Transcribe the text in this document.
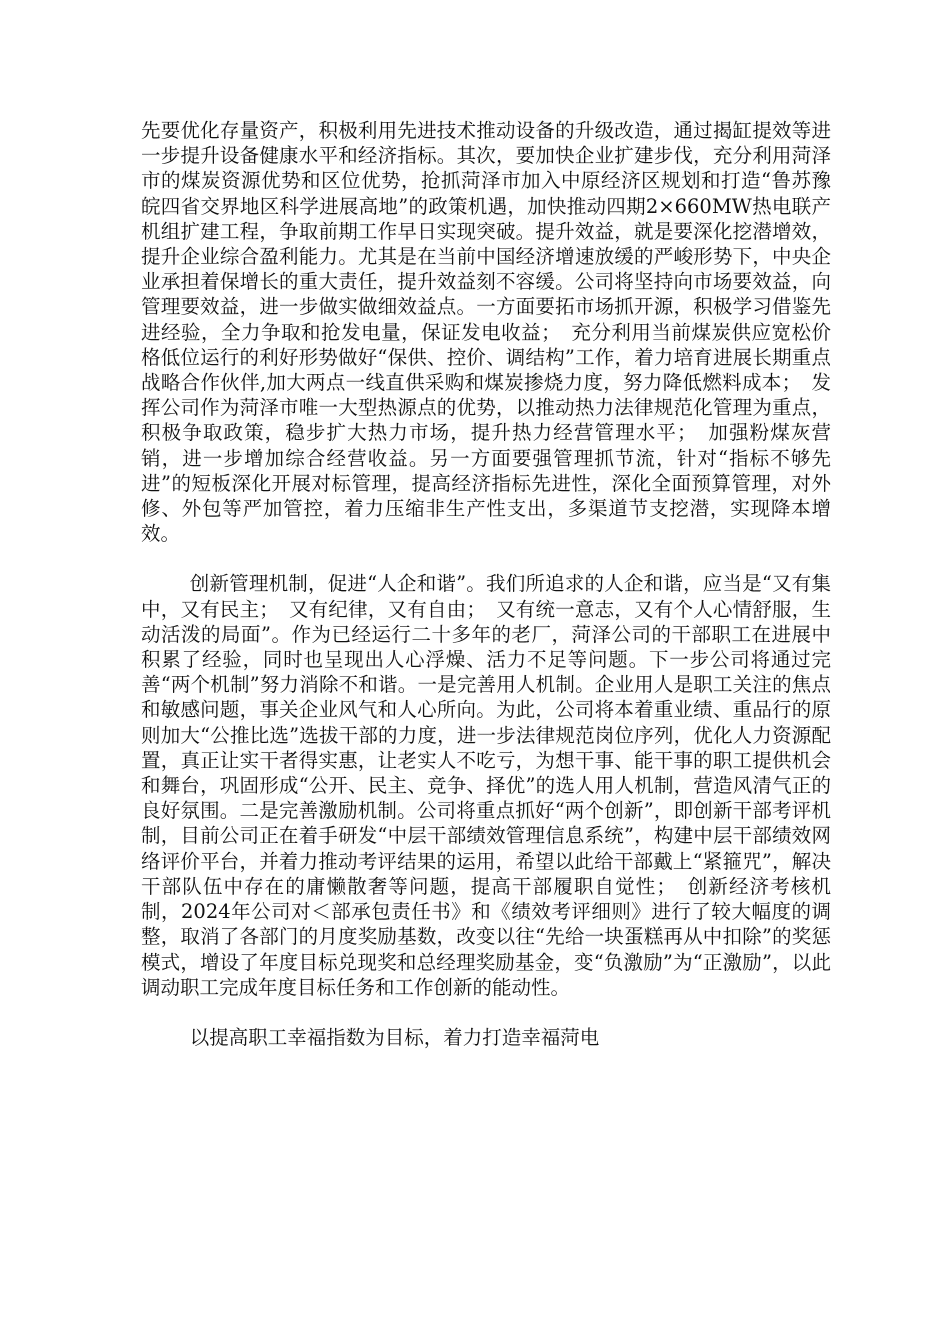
先要优化存量资产，积极利用先进技术推动设备的升级改造，通过揭缸提效等进一步提升设备健康水平和经济指标。其次，要加快企业扩建步伐，充分利用菏泽市的煤炭资源优势和区位优势，抢抓菏泽市加入中原经济区规划和打造“鲁苏豫皖四省交界地区科学进展高地”的政策机遇，加快推动四期2×660MW热电联产机组扩建工程，争取前期工作早日实现突破。提升效益，就是要深化挖潜增效，提升企业综合盈利能力。尤其是在当前中国经济增速放缓的严峻形势下，中央企业承担着保增长的重大责任，提升效益刻不容缓。公司将坚持向市场要效益，向管理要效益，进一步做实做细效益点。一方面要拓市场抓开源，积极学习借鉴先进经验，全力争取和抢发电量，保证发电收益；　充分利用当前煤炭供应宽松价格低位运行的利好形势做好“保供、控价、调结构”工作，着力培育进展长期重点战略合作伙伴,加大两点一线直供采购和煤炭掺烧力度，努力降低燃料成本；　发挥公司作为菏泽市唯一大型热源点的优势，以推动热力法律规范化管理为重点，积极争取政策，稳步扩大热力市场，提升热力经营管理水平；　加强粉煤灰营销，进一步增加综合经营收益。另一方面要强管理抓节流，针对“指标不够先进”的短板深化开展对标管理，提高经济指标先进性，深化全面预算管理，对外修、外包等严加管控，着力压缩非生产性支出，多渠道节支挖潜，实现降本增效。

创新管理机制，促进“人企和谐”。我们所追求的人企和谐，应当是“又有集中，又有民主；　又有纪律，又有自由；　又有统一意志，又有个人心情舒服，生动活泼的局面”。作为已经运行二十多年的老厂，菏泽公司的干部职工在进展中积累了经验，同时也呈现出人心浮燥、活力不足等问题。下一步公司将通过完善“两个机制”努力消除不和谐。一是完善用人机制。企业用人是职工关注的焦点和敏感问题，事关企业风气和人心所向。为此，公司将本着重业绩、重品行的原则加大“公推比选”选拔干部的力度，进一步法律规范岗位序列，优化人力资源配置，真正让实干者得实惠，让老实人不吃亏，为想干事、能干事的职工提供机会和舞台，巩固形成“公开、民主、竞争、择优”的选人用人机制，营造风清气正的良好氛围。二是完善激励机制。公司将重点抓好“两个创新”，即创新干部考评机制，目前公司正在着手研发“中层干部绩效管理信息系统”，构建中层干部绩效网络评价平台，并着力推动考评结果的运用，希望以此给干部戴上“紧箍咒”，解决干部队伍中存在的庸懒散奢等问题，提高干部履职自觉性；　创新经济考核机制，2024年公司对＜部承包责任书》和《绩效考评细则》进行了较大幅度的调整，取消了各部门的月度奖励基数，改变以往“先给一块蛋糕再从中扣除”的奖惩模式，增设了年度目标兑现奖和总经理奖励基金，变“负激励”为“正激励”，以此调动职工完成年度目标任务和工作创新的能动性。

以提高职工幸福指数为目标，着力打造幸福菏电
